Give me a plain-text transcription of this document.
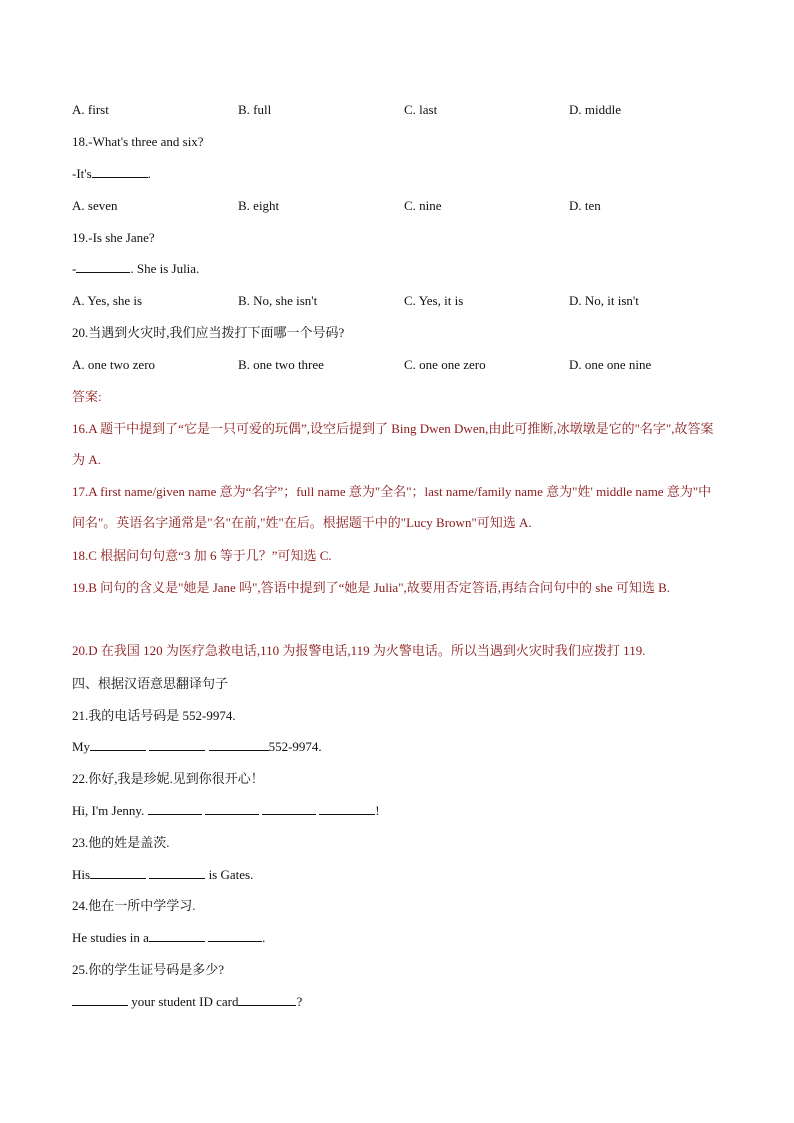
A. first	B. full	C. last	D. middle
18.-What's three and six?
-It's	.
A. seven	B. eight	C. nine	D. ten
19.-Is she Jane?
-	. She is Julia.
A. Yes, she is	B. No, she isn't	C. Yes, it is	D. No, it isn't
20.当遇到火灾时,我们应当拨打下面哪一个号码?
A. one two zero	B. one two three	C. one one zero	D. one one nine
答案:
16.A 题干中提到了“它是一只可爱的玩偶”,设空后提到了 Bing Dwen Dwen,由此可推断,冰墩墩是它的"名字",故答案为 A.
17.A first name/given name 意为“名字”；full name 意为"全名"；last name/family name 意为"姓' middle name 意为"中间名"。英语名字通常是"名"在前,"姓"在后。根据题干中的"Lucy Brown"可知选 A.
18.C 根据问句句意“3 加 6 等于几？”可知选 C.
19.B 问句的含义是"她是 Jane 吗",答语中提到了“她是 Julia",故要用否定答语,再结合问句中的 she 可知选 B.
20.D 在我国 120 为医疗急救电话,110 为报警电话,119 为火警电话。所以当遇到火灾时我们应拨打 119.
四、根据汉语意思翻译句子
21.我的电话号码是 552-9974.
My	552-9974.
22.你好,我是珍妮.见到你很开心！
Hi, I'm Jenny.	!
23.他的姓是盖茨.
His	is Gates.
24.他在一所中学学习.
He studies in a	.
25.你的学生证号码是多少?
your student ID card	?
